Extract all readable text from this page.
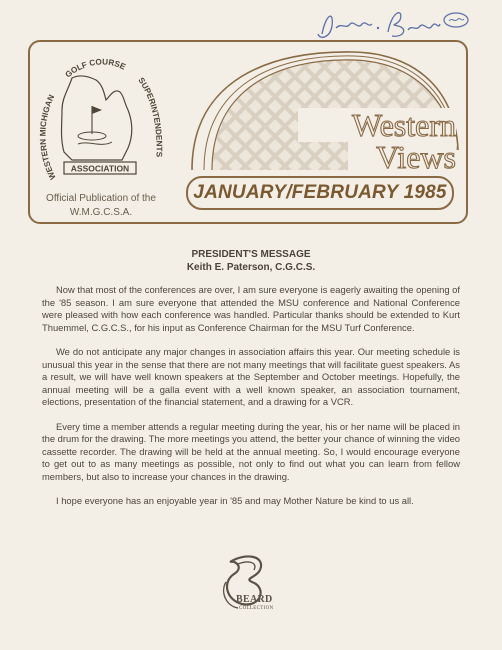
WESTERN MICHIGAN
GOLF COURSE
SUPERINTENDENTS
ASSOCIATION
Official Publication of the
W.M.G.C.S.A.
Western
Views
JANUARY/FEBRUARY 1985
PRESIDENT'S MESSAGE
Keith E. Paterson, C.G.C.S.

Now that most of the conferences are over, I am sure everyone is eagerly awaiting the opening of the '85 season. I am sure everyone that attended the MSU conference and National Conference were pleased with how each conference was handled. Particular thanks should be extended to Kurt Thuemmel, C.G.C.S., for his input as Conference Chairman for the MSU Turf Conference.

We do not anticipate any major changes in association affairs this year. Our meeting schedule is unusual this year in the sense that there are not many meetings that will facilitate guest speakers. As a result, we will have well known speakers at the September and October meetings. Hopefully, the annual meeting will be a galla event with a well known speaker, an association tournament, elections, presentation of the financial statement, and a drawing for a VCR.

Every time a member attends a regular meeting during the year, his or her name will be placed in the drum for the drawing. The more meetings you attend, the better your chance of winning the video cassette recorder. The drawing will be held at the annual meeting. So, I would encourage everyone to get out to as many meetings as possible, not only to find out what you can learn from fellow members, but also to increase your chances in the drawing.

I hope everyone has an enjoyable year in '85 and may Mother Nature be kind to us all.

BEARD
COLLECTION
